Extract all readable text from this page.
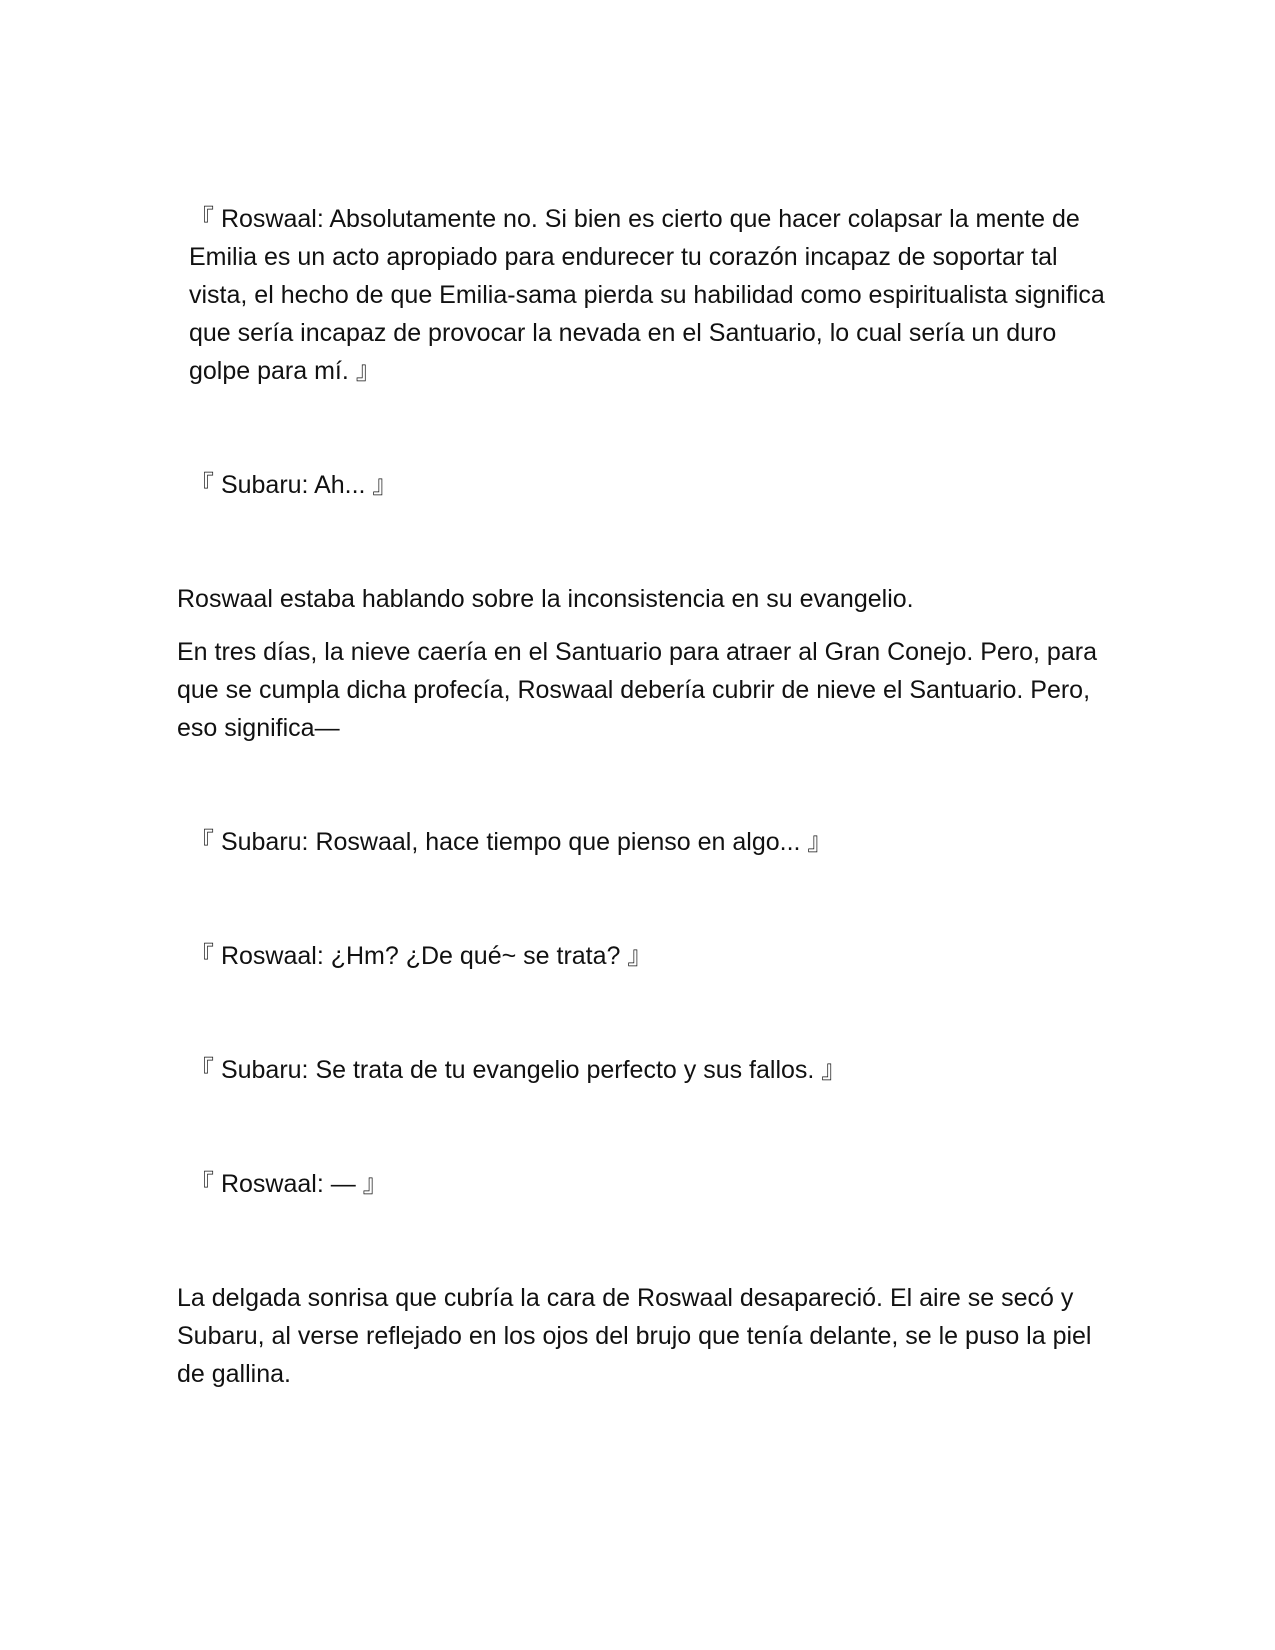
『 Roswaal: Absolutamente no. Si bien es cierto que hacer colapsar la mente de Emilia es un acto apropiado para endurecer tu corazón incapaz de soportar tal vista, el hecho de que Emilia-sama pierda su habilidad como espiritualista significa que sería incapaz de provocar la nevada en el Santuario, lo cual sería un duro golpe para mí. 』

『 Subaru: Ah... 』

Roswaal estaba hablando sobre la inconsistencia en su evangelio.

En tres días, la nieve caería en el Santuario para atraer al Gran Conejo. Pero, para que se cumpla dicha profecía, Roswaal debería cubrir de nieve el Santuario. Pero, eso significa—

『 Subaru: Roswaal, hace tiempo que pienso en algo... 』

『 Roswaal: ¿Hm? ¿De qué~ se trata? 』

『 Subaru: Se trata de tu evangelio perfecto y sus fallos. 』

『 Roswaal: — 』

La delgada sonrisa que cubría la cara de Roswaal desapareció. El aire se secó y Subaru, al verse reflejado en los ojos del brujo que tenía delante, se le puso la piel de gallina.
